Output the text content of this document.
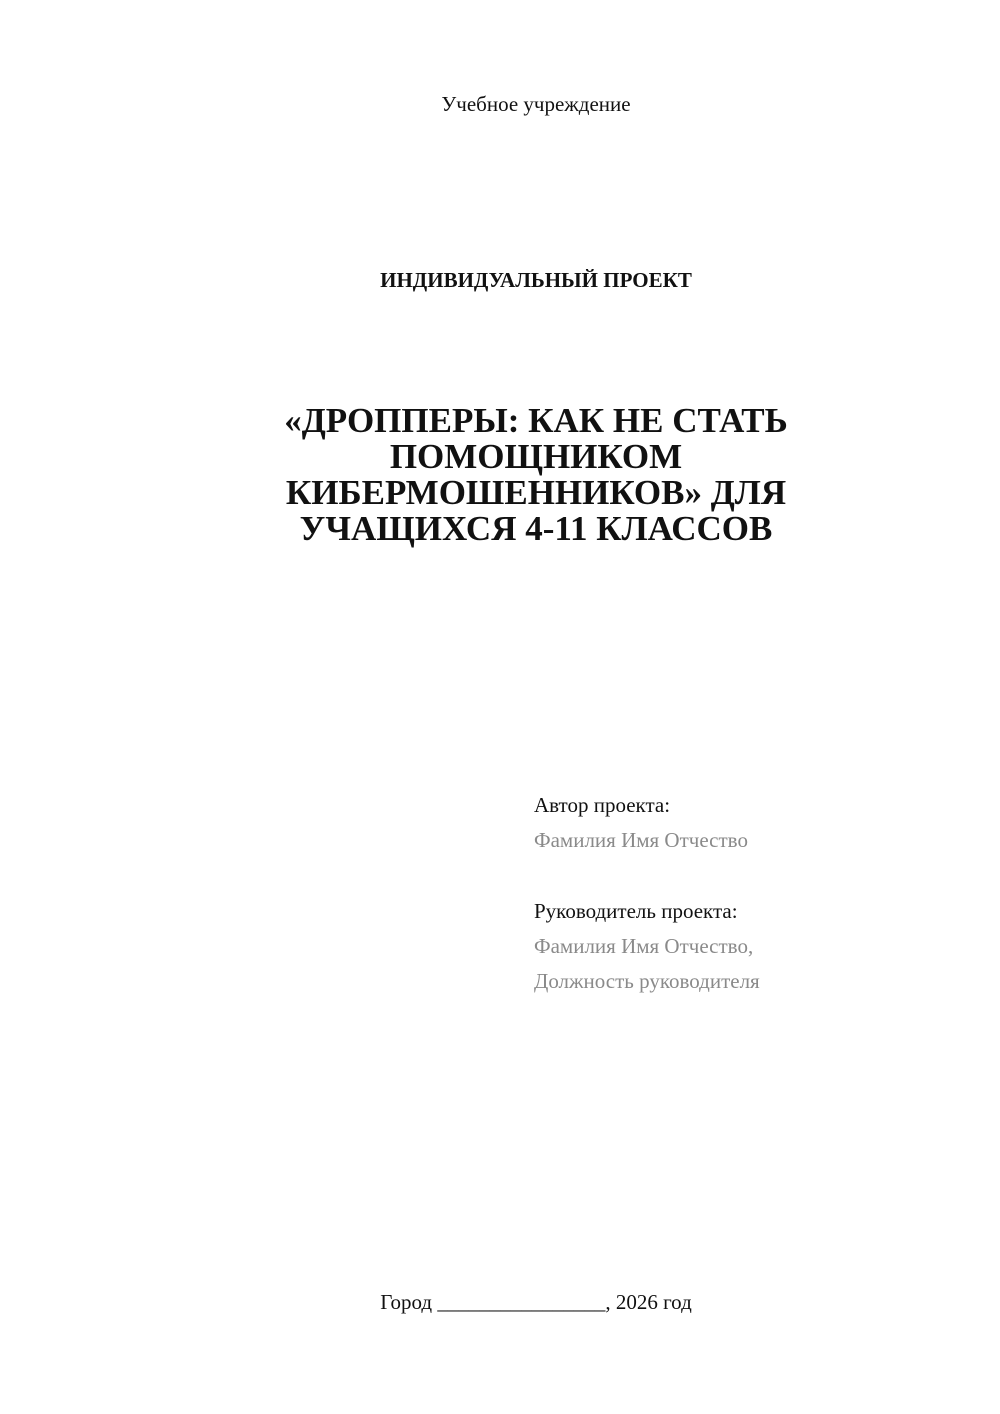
Учебное учреждение
ИНДИВИДУАЛЬНЫЙ ПРОЕКТ
«ДРОППЕРЫ: КАК НЕ СТАТЬ
ПОМОЩНИКОМ
КИБЕРМОШЕННИКОВ» ДЛЯ
УЧАЩИХСЯ 4-11 КЛАССОВ
Автор проекта:
Фамилия Имя Отчество
Руководитель проекта:
Фамилия Имя Отчество,
Должность руководителя
Город ________________, 2026 год
